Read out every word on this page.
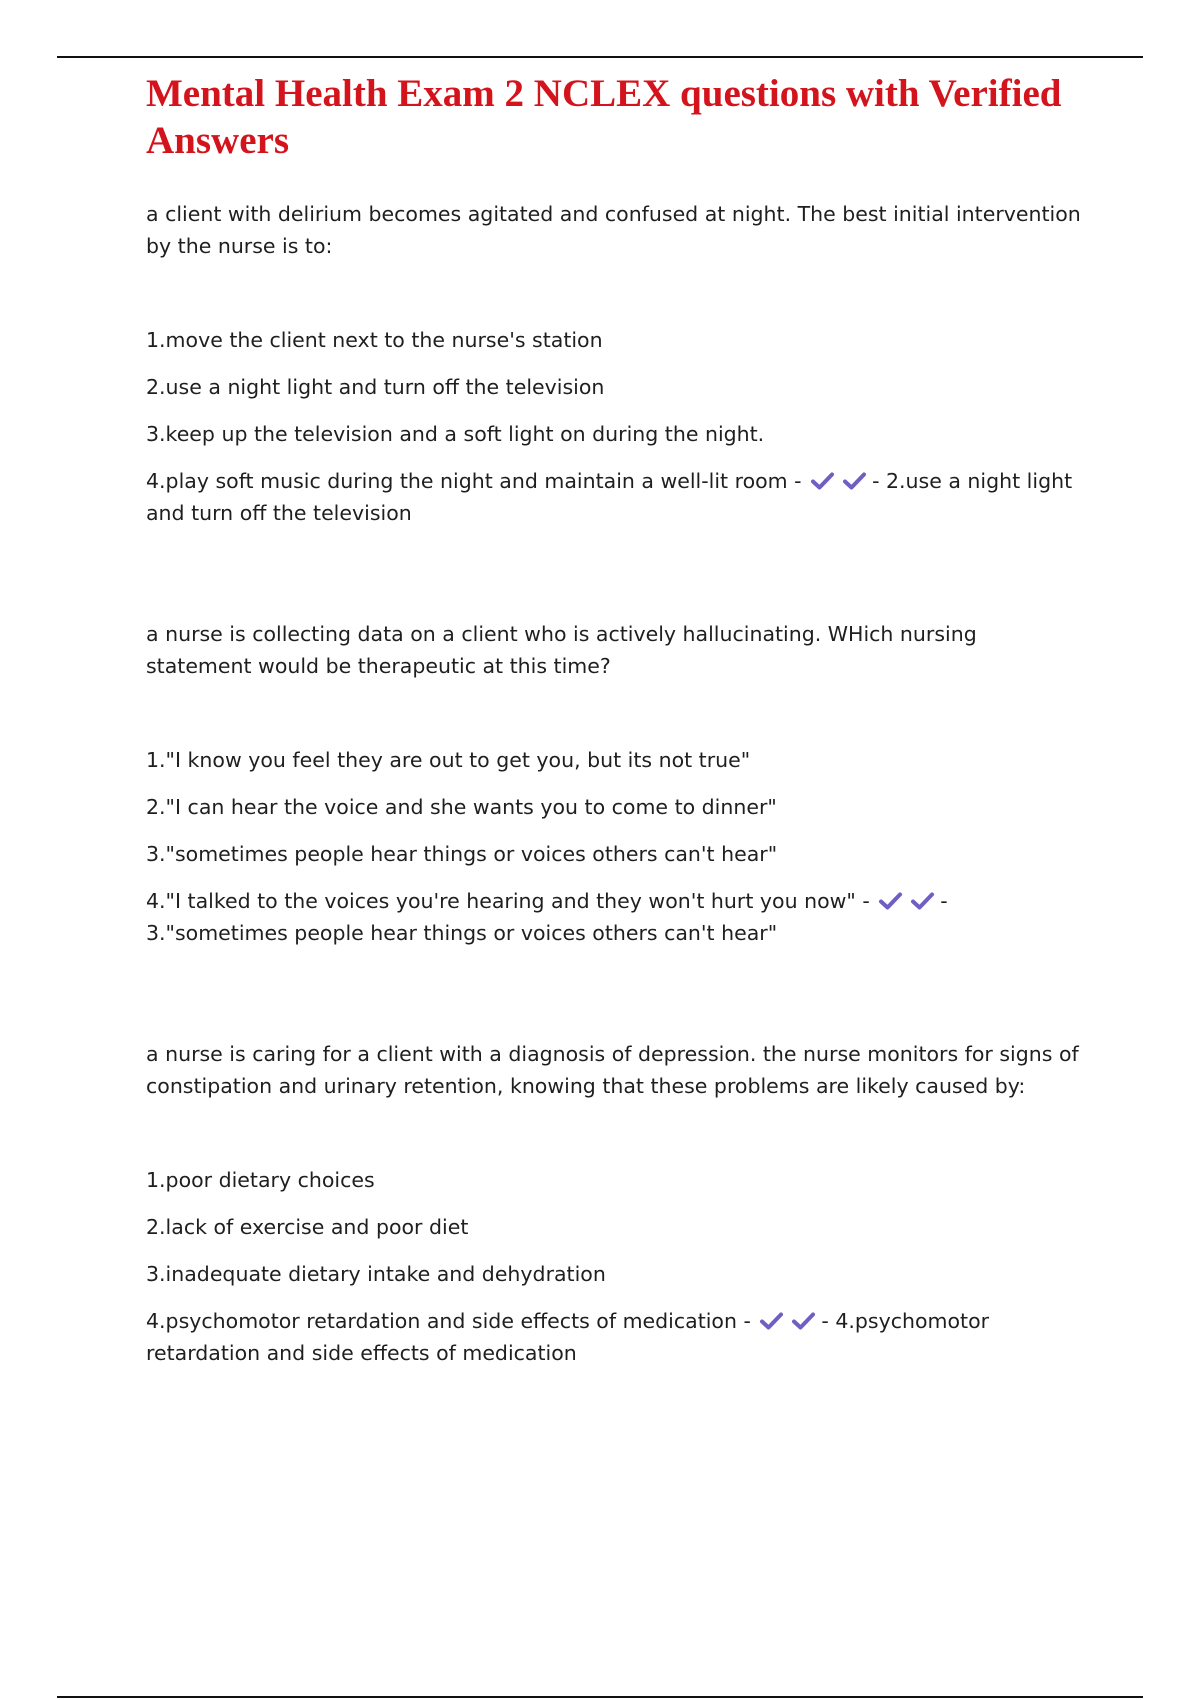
Mental Health Exam 2 NCLEX questions with Verified Answers
a client with delirium becomes agitated and confused at night. The best initial intervention by the nurse is to:
1.move the client next to the nurse's station
2.use a night light and turn off the television
3.keep up the television and a soft light on during the night.
4.play soft music during the night and maintain a well-lit room -	- 2.use a night light and turn off the television
a nurse is collecting data on a client who is actively hallucinating. WHich nursing statement would be therapeutic at this time?
1."I know you feel they are out to get you, but its not true"
2."I can hear the voice and she wants you to come to dinner"
3."sometimes people hear things or voices others can't hear"
4."I talked to the voices you're hearing and they won't hurt you now" -	- 3."sometimes people hear things or voices others can't hear"
a nurse is caring for a client with a diagnosis of depression. the nurse monitors for signs of constipation and urinary retention, knowing that these problems are likely caused by:
1.poor dietary choices
2.lack of exercise and poor diet
3.inadequate dietary intake and dehydration
4.psychomotor retardation and side effects of medication -	- 4.psychomotor retardation and side effects of medication
